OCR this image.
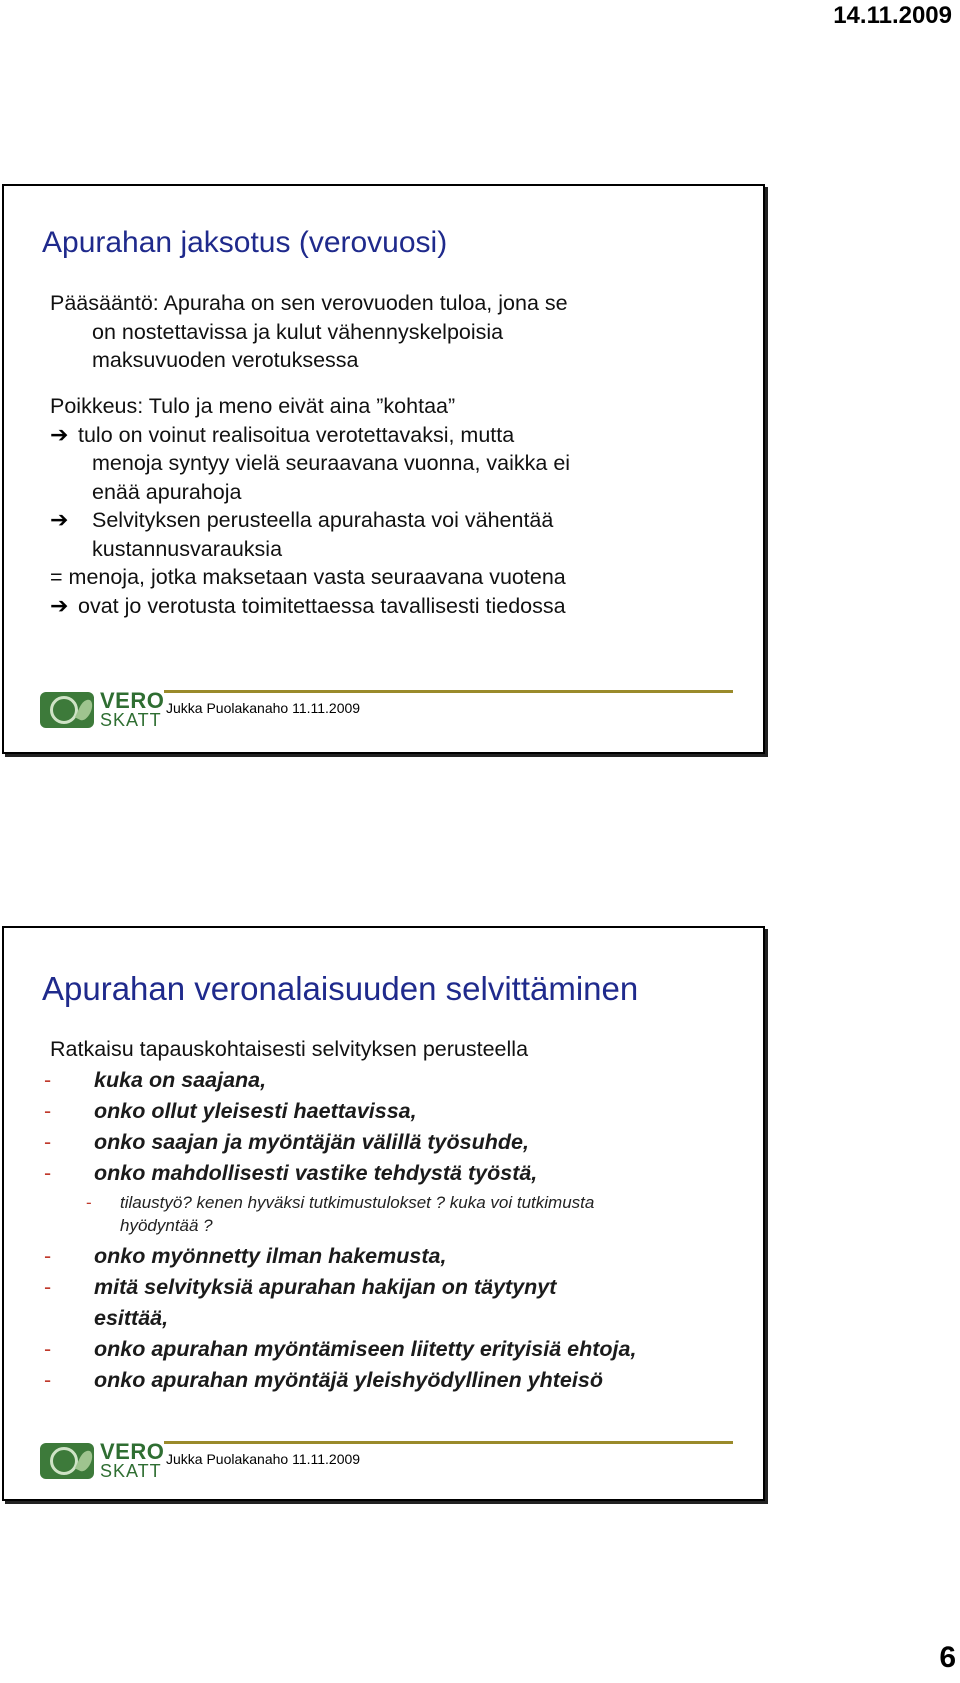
14.11.2009
Apurahan jaksotus (verovuosi)
Pääsääntö: Apuraha on sen verovuoden tuloa, jona se
on nostettavissa ja kulut vähennyskelpoisia
maksuvuoden verotuksessa
Poikkeus: Tulo ja meno eivät aina ”kohtaa”
➔ tulo on voinut realisoitua verotettavaksi, mutta
menoja syntyy vielä seuraavana vuonna, vaikka ei
enää apurahoja
➔ Selvityksen perusteella apurahasta voi vähentää
kustannusvarauksia
= menoja, jotka maksetaan vasta seuraavana vuotena
➔ ovat jo verotusta toimitettaessa tavallisesti tiedossa
VERO
SKATT
Jukka Puolakanaho 11.11.2009
Apurahan veronalaisuuden selvittäminen
Ratkaisu tapauskohtaisesti selvityksen perusteella
- kuka on saajana,
- onko ollut yleisesti haettavissa,
- onko saajan ja myöntäjän välillä työsuhde,
- onko mahdollisesti vastike tehdystä työstä,
- tilaustyö? kenen hyväksi tutkimustulokset ? kuka voi tutkimusta
hyödyntää ?
- onko myönnetty ilman hakemusta,
- mitä selvityksiä apurahan hakijan on täytynyt esittää,
- onko apurahan myöntämiseen liitetty erityisiä ehtoja,
- onko apurahan myöntäjä yleishyödyllinen yhteisö
VERO
SKATT
Jukka Puolakanaho 11.11.2009
6
